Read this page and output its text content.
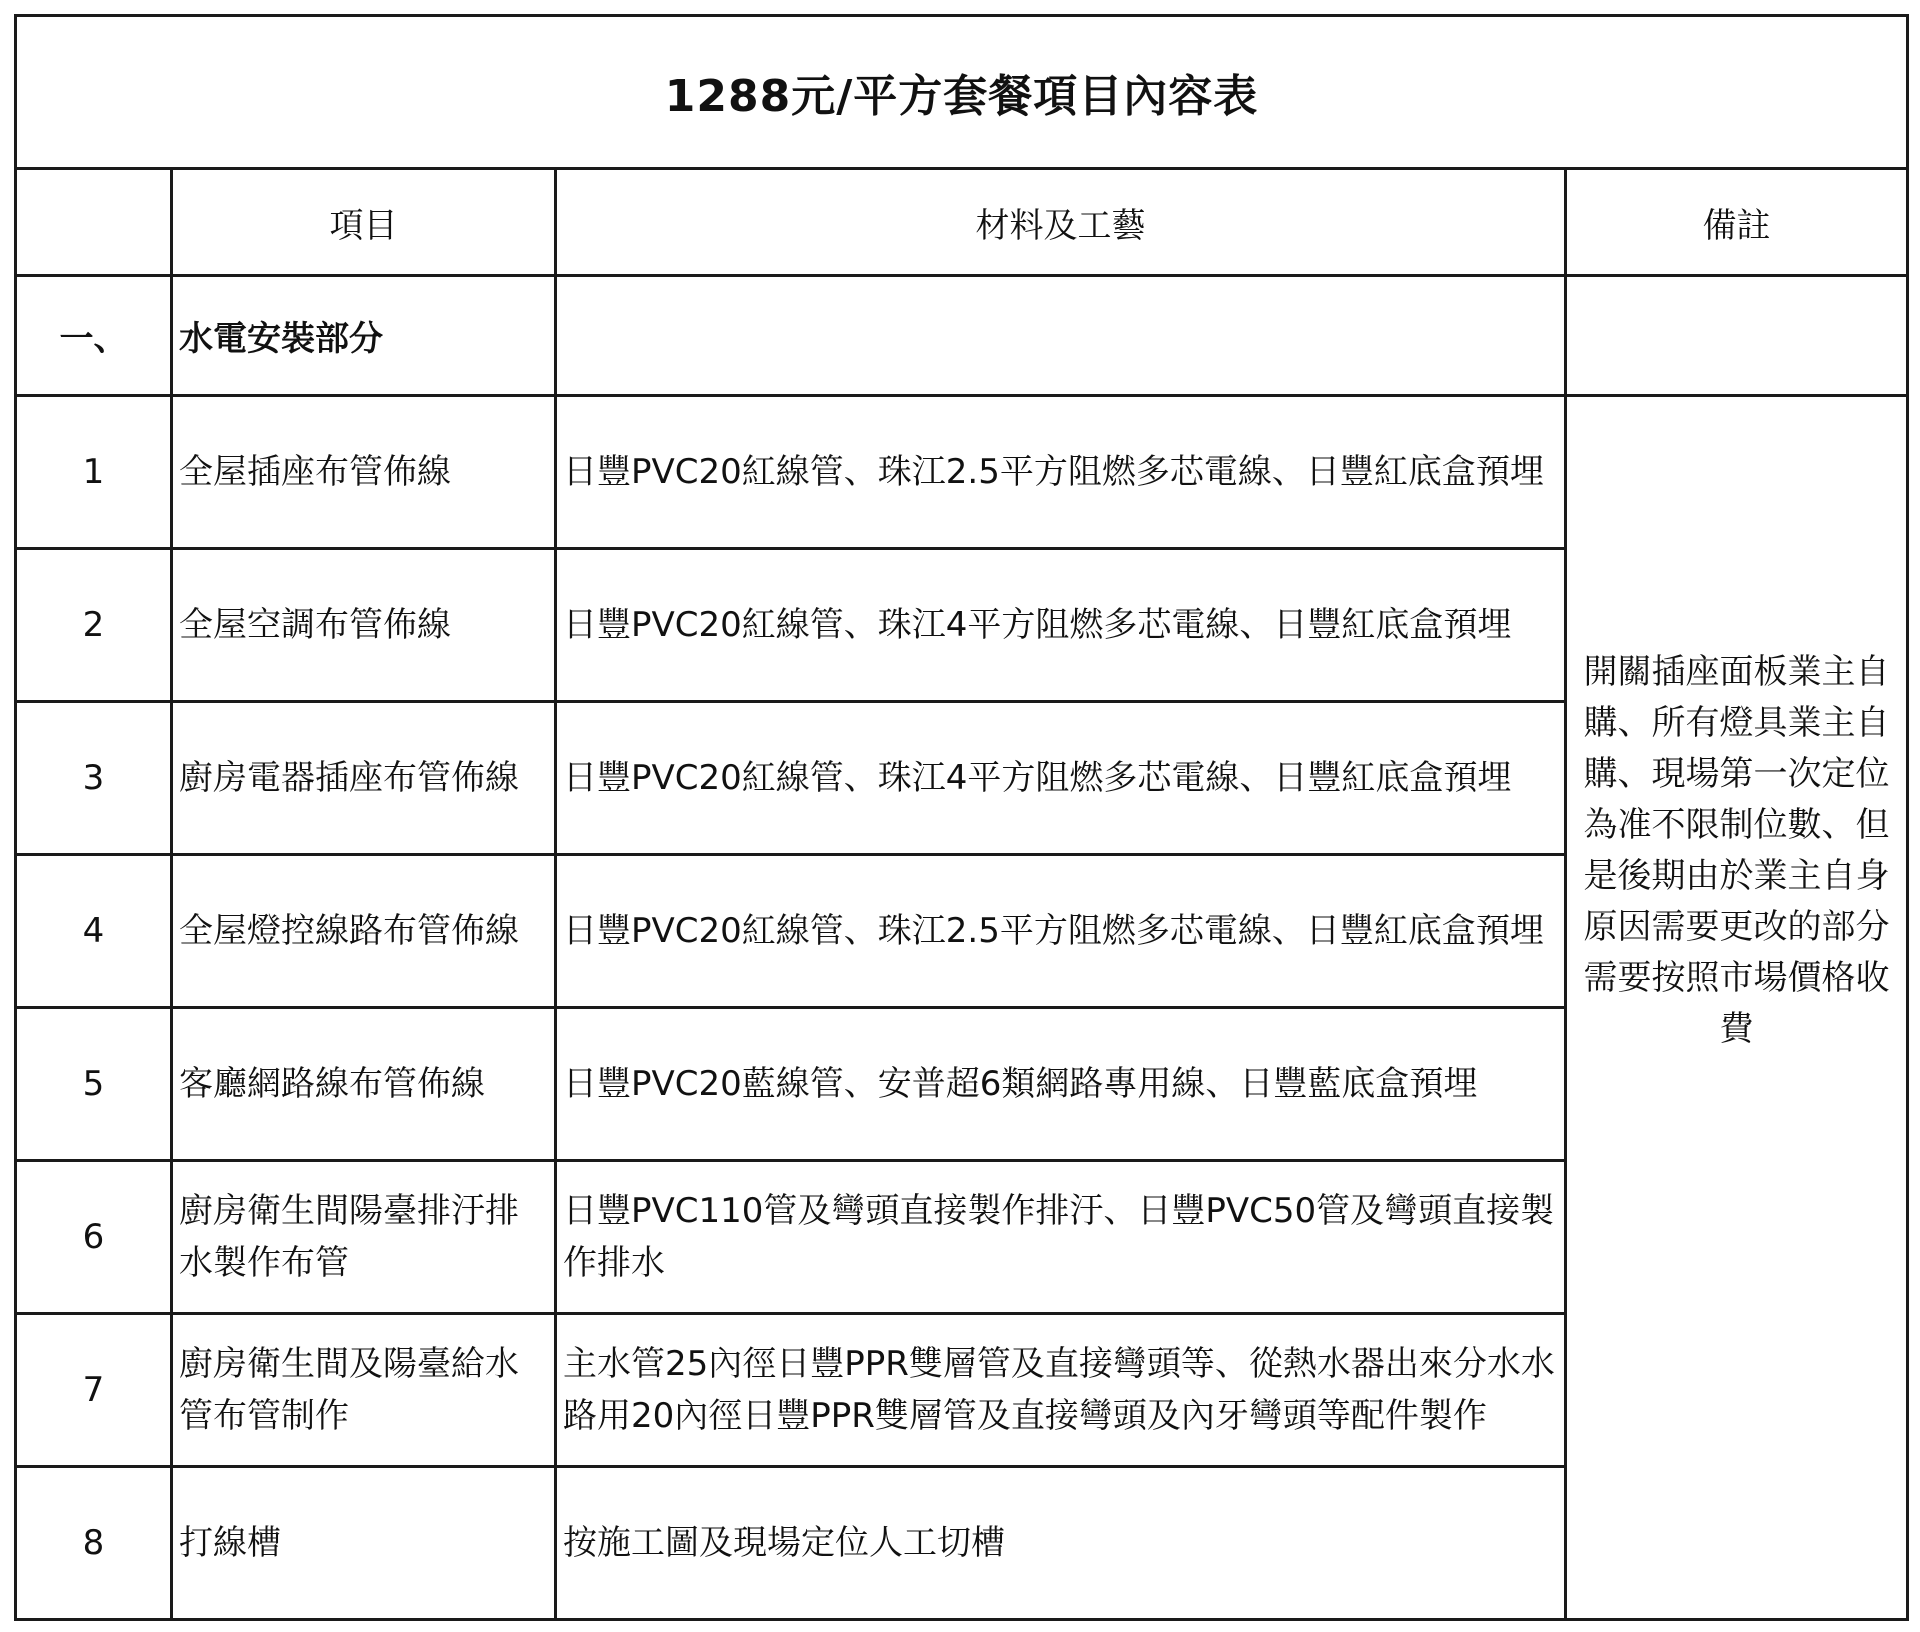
1288元/平方套餐項目內容表			
	項目	材料及工藝	備註
一、	水電安裝部分		
1	全屋插座布管佈線	日豐PVC20紅線管、珠江2.5平方阻燃多芯電線、日豐紅底盒預埋	開關插座面板業主自購、所有燈具業主自購、現場第一次定位為准不限制位數、但是後期由於業主自身原因需要更改的部分需要按照市場價格收費
2	全屋空調布管佈線	日豐PVC20紅線管、珠江4平方阻燃多芯電線、日豐紅底盒預埋	
3	廚房電器插座布管佈線	日豐PVC20紅線管、珠江4平方阻燃多芯電線、日豐紅底盒預埋	
4	全屋燈控線路布管佈線	日豐PVC20紅線管、珠江2.5平方阻燃多芯電線、日豐紅底盒預埋	
5	客廳網路線布管佈線	日豐PVC20藍線管、安普超6類網路專用線、日豐藍底盒預埋	
6	廚房衛生間陽臺排汙排水製作布管	日豐PVC110管及彎頭直接製作排汙、日豐PVC50管及彎頭直接製作排水	
7	廚房衛生間及陽臺給水管布管制作	主水管25內徑日豐PPR雙層管及直接彎頭等、從熱水器出來分水水路用20內徑日豐PPR雙層管及直接彎頭及內牙彎頭等配件製作	
8	打線槽	按施工圖及現場定位人工切槽	
